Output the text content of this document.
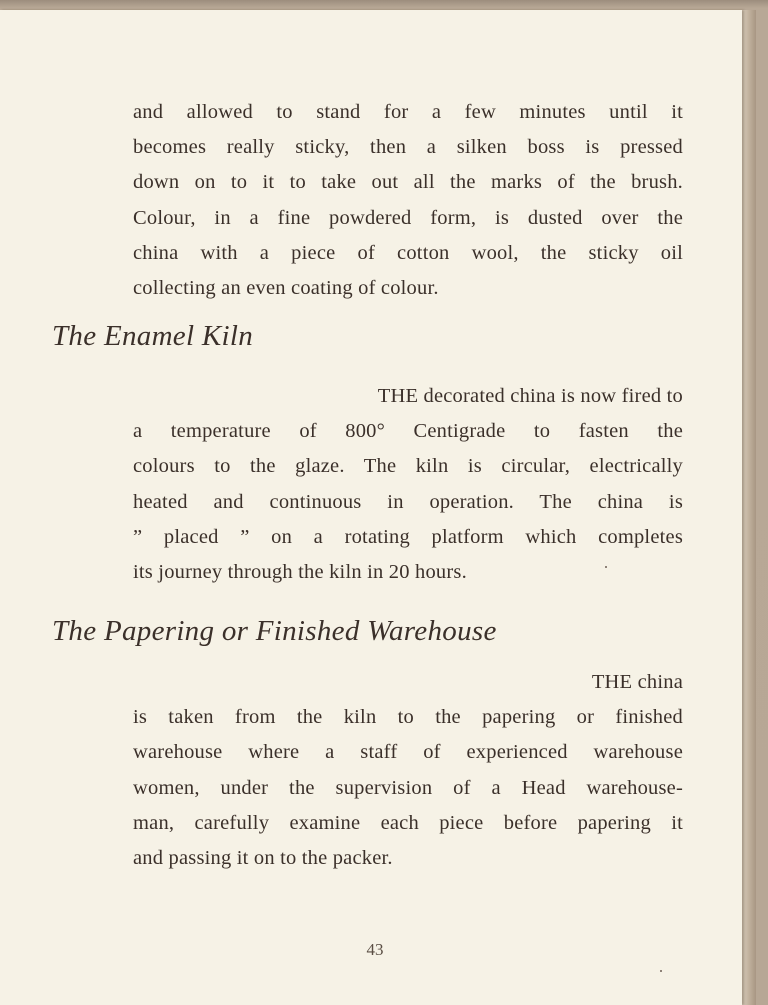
and allowed to stand for a few minutes until it
becomes really sticky, then a silken boss is pressed
down on to it to take out all the marks of the brush.
Colour, in a fine powdered form, is dusted over the
china with a piece of cotton wool, the sticky oil
collecting an even coating of colour.
The Enamel Kiln
THE decorated china is now fired to
a temperature of 800° Centigrade to fasten the
colours to the glaze. The kiln is circular, electrically
heated and continuous in operation. The china is
” placed ” on a rotating platform which completes
its journey through the kiln in 20 hours.
The Papering or Finished Warehouse
THE china
is taken from the kiln to the papering or finished
warehouse where a staff of experienced warehouse
women, under the supervision of a Head warehouse-
man, carefully examine each piece before papering it
and passing it on to the packer.
43
